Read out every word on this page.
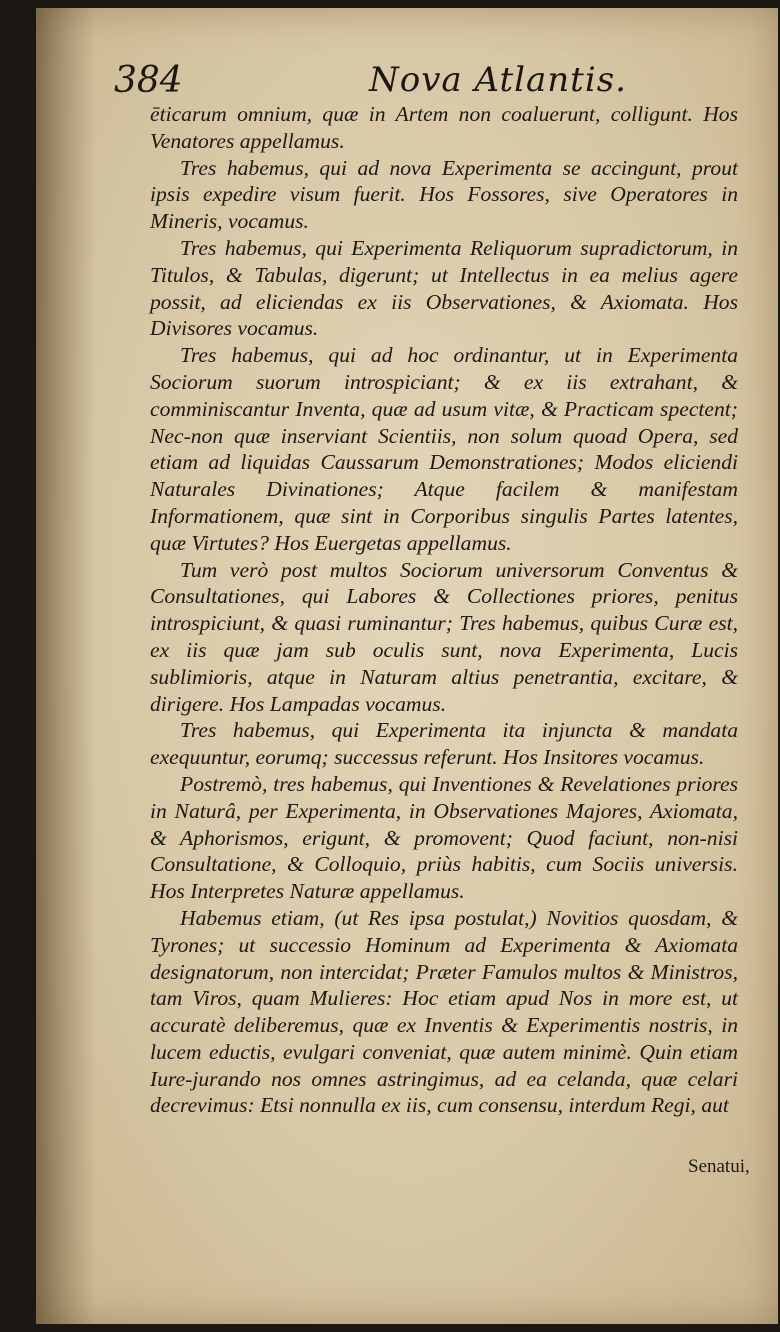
384	Nova Atlantis.

ēticarum omnium, quæ in Artem non coaluerunt, colligunt. Hos Venatores appellamus.

Tres habemus, qui ad nova Experimenta se accingunt, prout ipsis expedire visum fuerit. Hos Fossores, sive Operatores in Mineris, vocamus.

Tres habemus, qui Experimenta Reliquorum supradictorum, in Titulos, & Tabulas, digerunt; ut Intellectus in ea melius agere possit, ad eliciendas ex iis Observationes, & Axiomata. Hos Divisores vocamus.

Tres habemus, qui ad hoc ordinantur, ut in Experimenta Sociorum suorum introspiciant; & ex iis extrahant, & comminiscantur Inventa, quæ ad usum vitæ, & Practicam spectent; Nec-non quæ inserviant Scientiis, non solum quoad Opera, sed etiam ad liquidas Caussarum Demonstrationes; Modos eliciendi Naturales Divinationes; Atque facilem & manifestam Informationem, quæ sint in Corporibus singulis Partes latentes, quæ Virtutes? Hos Euergetas appellamus.

Tum verò post multos Sociorum universorum Conventus & Consultationes, qui Labores & Collectiones priores, penitus introspiciunt, & quasi ruminantur; Tres habemus, quibus Curæ est, ex iis quæ jam sub oculis sunt, nova Experimenta, Lucis sublimioris, atque in Naturam altius penetrantia, excitare, & dirigere. Hos Lampadas vocamus.

Tres habemus, qui Experimenta ita injuncta & mandata exequuntur, eorumq; successus referunt. Hos Insitores vocamus.

Postremò, tres habemus, qui Inventiones & Revelationes priores in Naturâ, per Experimenta, in Observationes Majores, Axiomata, & Aphorismos, erigunt, & promovent; Quod faciunt, non-nisi Consultatione, & Colloquio, priùs habitis, cum Sociis universis. Hos Interpretes Naturæ appellamus.

Habemus etiam, (ut Res ipsa postulat,) Novitios quosdam, & Tyrones; ut successio Hominum ad Experimenta & Axiomata designatorum, non intercidat; Præter Famulos multos & Ministros, tam Viros, quam Mulieres: Hoc etiam apud Nos in more est, ut accuratè deliberemus, quæ ex Inventis & Experimentis nostris, in lucem eductis, evulgari conveniat, quæ autem minimè. Quin etiam Iure-jurando nos omnes astringimus, ad ea celanda, quæ celari decrevimus: Etsi nonnulla ex iis, cum consensu, interdum Regi, aut

Senatui,
